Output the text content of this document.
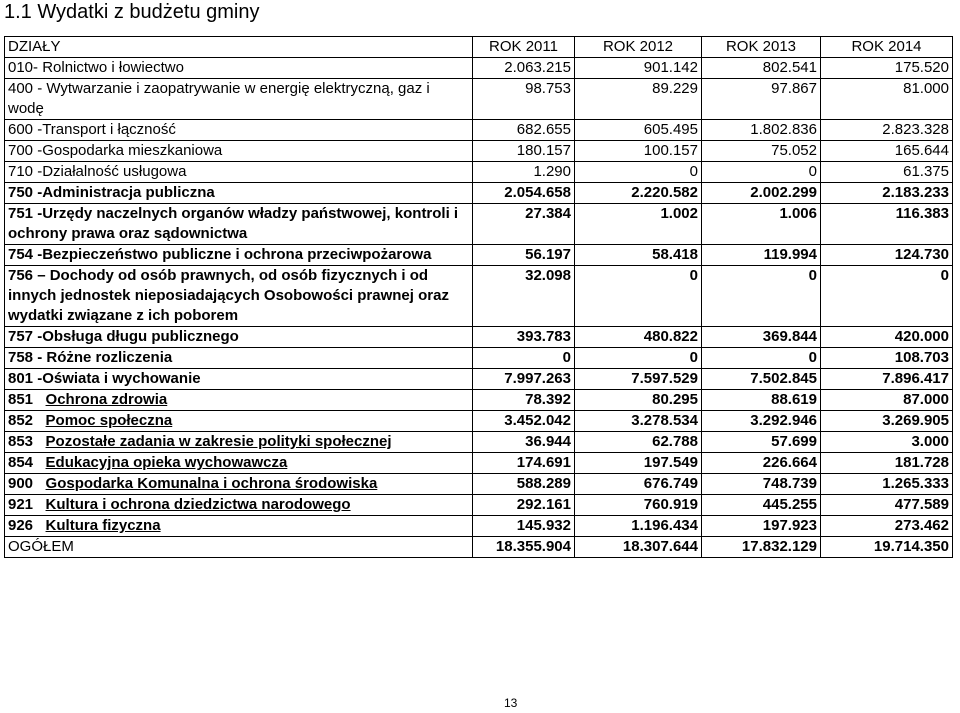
1.1 Wydatki z budżetu gminy
DZIAŁY	ROK 2011	ROK 2012	ROK 2013	ROK 2014
010- Rolnictwo i łowiectwo	2.063.215	901.142	802.541	175.520
400 - Wytwarzanie i zaopatrywanie w energię elektryczną, gaz i wodę	98.753	89.229	97.867	81.000
600 -Transport i łączność	682.655	605.495	1.802.836	2.823.328
700 -Gospodarka mieszkaniowa	180.157	100.157	75.052	165.644
710 -Działalność usługowa	1.290	0	0	61.375
750 -Administracja publiczna	2.054.658	2.220.582	2.002.299	2.183.233
751 -Urzędy naczelnych organów władzy państwowej, kontroli i ochrony prawa oraz sądownictwa	27.384	1.002	1.006	116.383
754 -Bezpieczeństwo publiczne i ochrona przeciwpożarowa	56.197	58.418	119.994	124.730
756 – Dochody od osób prawnych, od osób fizycznych i od innych jednostek nieposiadających Osobowości prawnej oraz wydatki związane z ich poborem	32.098	0	0	0
757 -Obsługa długu publicznego	393.783	480.822	369.844	420.000
758 - Różne rozliczenia	0	0	0	108.703
801 -Oświata i wychowanie	7.997.263	7.597.529	7.502.845	7.896.417
851 Ochrona zdrowia	78.392	80.295	88.619	87.000
852 Pomoc społeczna	3.452.042	3.278.534	3.292.946	3.269.905
853 Pozostałe zadania w zakresie polityki społecznej	36.944	62.788	57.699	3.000
854 Edukacyjna opieka wychowawcza	174.691	197.549	226.664	181.728
900 Gospodarka Komunalna i ochrona środowiska	588.289	676.749	748.739	1.265.333
921 Kultura i ochrona dziedzictwa narodowego	292.161	760.919	445.255	477.589
926 Kultura fizyczna	145.932	1.196.434	197.923	273.462
OGÓŁEM	18.355.904	18.307.644	17.832.129	19.714.350
13
